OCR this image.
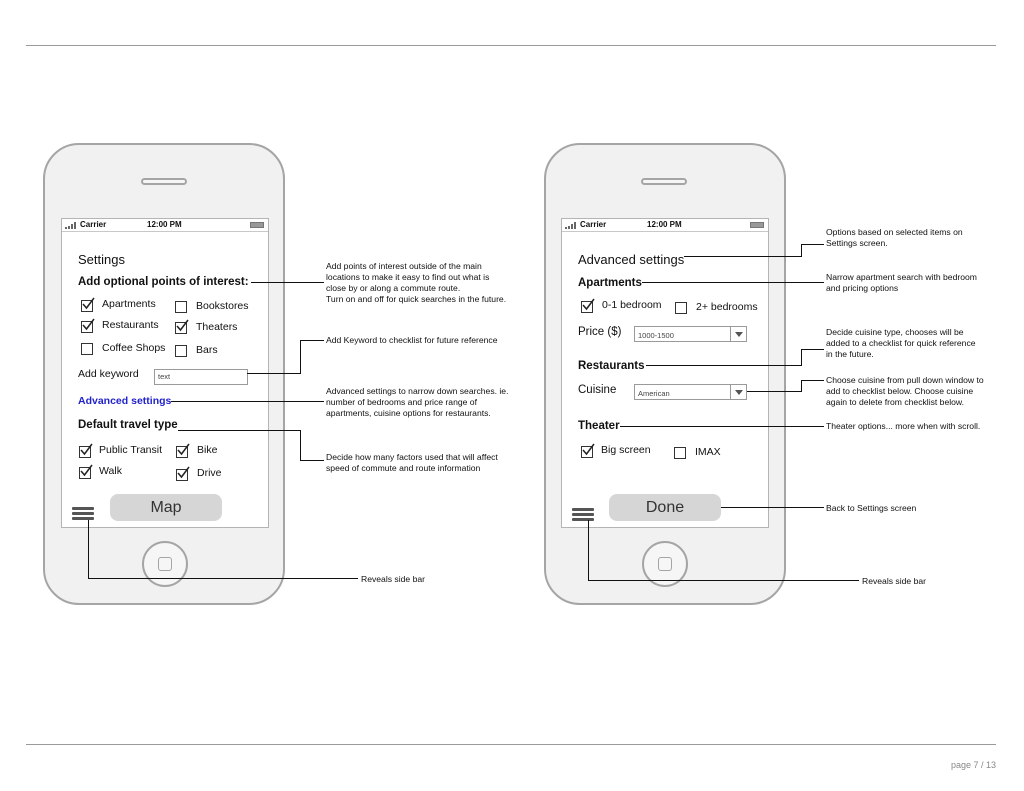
Carrier	12:00 PM
Settings
Add optional points of interest:
Apartments	Bookstores
Restaurants	Theaters
Coffee Shops	Bars
Add keyword	text
Advanced settings
Default travel type
Public Transit	Bike
Walk	Drive
Map
Carrier	12:00 PM
Advanced settings
Apartments
0-1 bedroom	2+ bedrooms
Price ($) 1000-1500
Restaurants
Cuisine	American
Theater
Big screen	IMAX
Done
Add points of interest outside of the main
locations to make it easy to find out what is
close by or along a commute route.
Turn on and off for quick searches in the future.
Add Keyword to checklist for future reference
Advanced settings to narrow down searches. ie.
number of bedrooms and price range of
apartments, cuisine options for restaurants.
Decide how many factors used that will affect
speed of commute and route information
Reveals side bar
Options based on selected items on
Settings screen.
Narrow apartment search with bedroom
and pricing options
Decide cuisine type, chooses will be
added to a checklist for quick reference
in the future.
Choose cuisine from pull down window to
add to checklist below. Choose cuisine
again to delete from checklist below.
Theater options... more when with scroll.
Back to Settings screen
Reveals side bar
page 7 / 13
